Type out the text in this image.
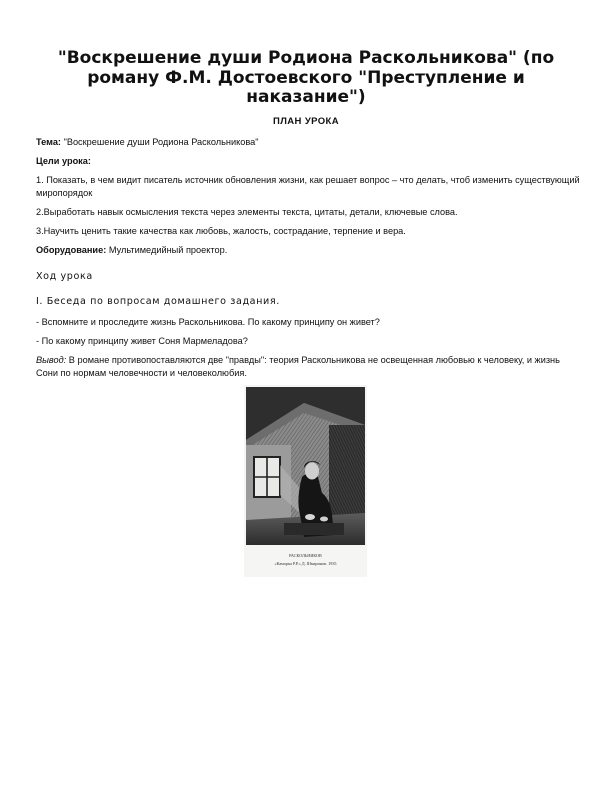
"Воскрешение души Родиона Раскольникова" (по роману Ф.М. Достоевского "Преступление и наказание")

ПЛАН УРОКА

Тема: "Воскрешение души Родиона Раскольникова"

Цели урока:

1. Показать, в чем видит писатель источник обновления жизни, как решает вопрос – что делать, чтоб изменить существующий миропорядок

2.Выработать навык осмысления текста через элементы текста, цитаты, детали, ключевые слова.

3.Научить ценить такие качества как любовь, жалость, сострадание, терпение и вера.

Оборудование: Мультимедийный проектор.

Ход урока

I. Беседа по вопросам домашнего задания.

- Вспомните и проследите жизнь Раскольникова. По какому принципу он живет?

- По какому принципу живет Соня Мармеладова?

Вывод: В романе противопоставляются две "правды": теория Раскольникова не освещенная любовью к человеку, и жизнь Сони по нормам человечности и человеколюбия.

РАСКОЛЬНИКОВ
«Каморка Р.Р.» Д. Шмаринов. 1935
